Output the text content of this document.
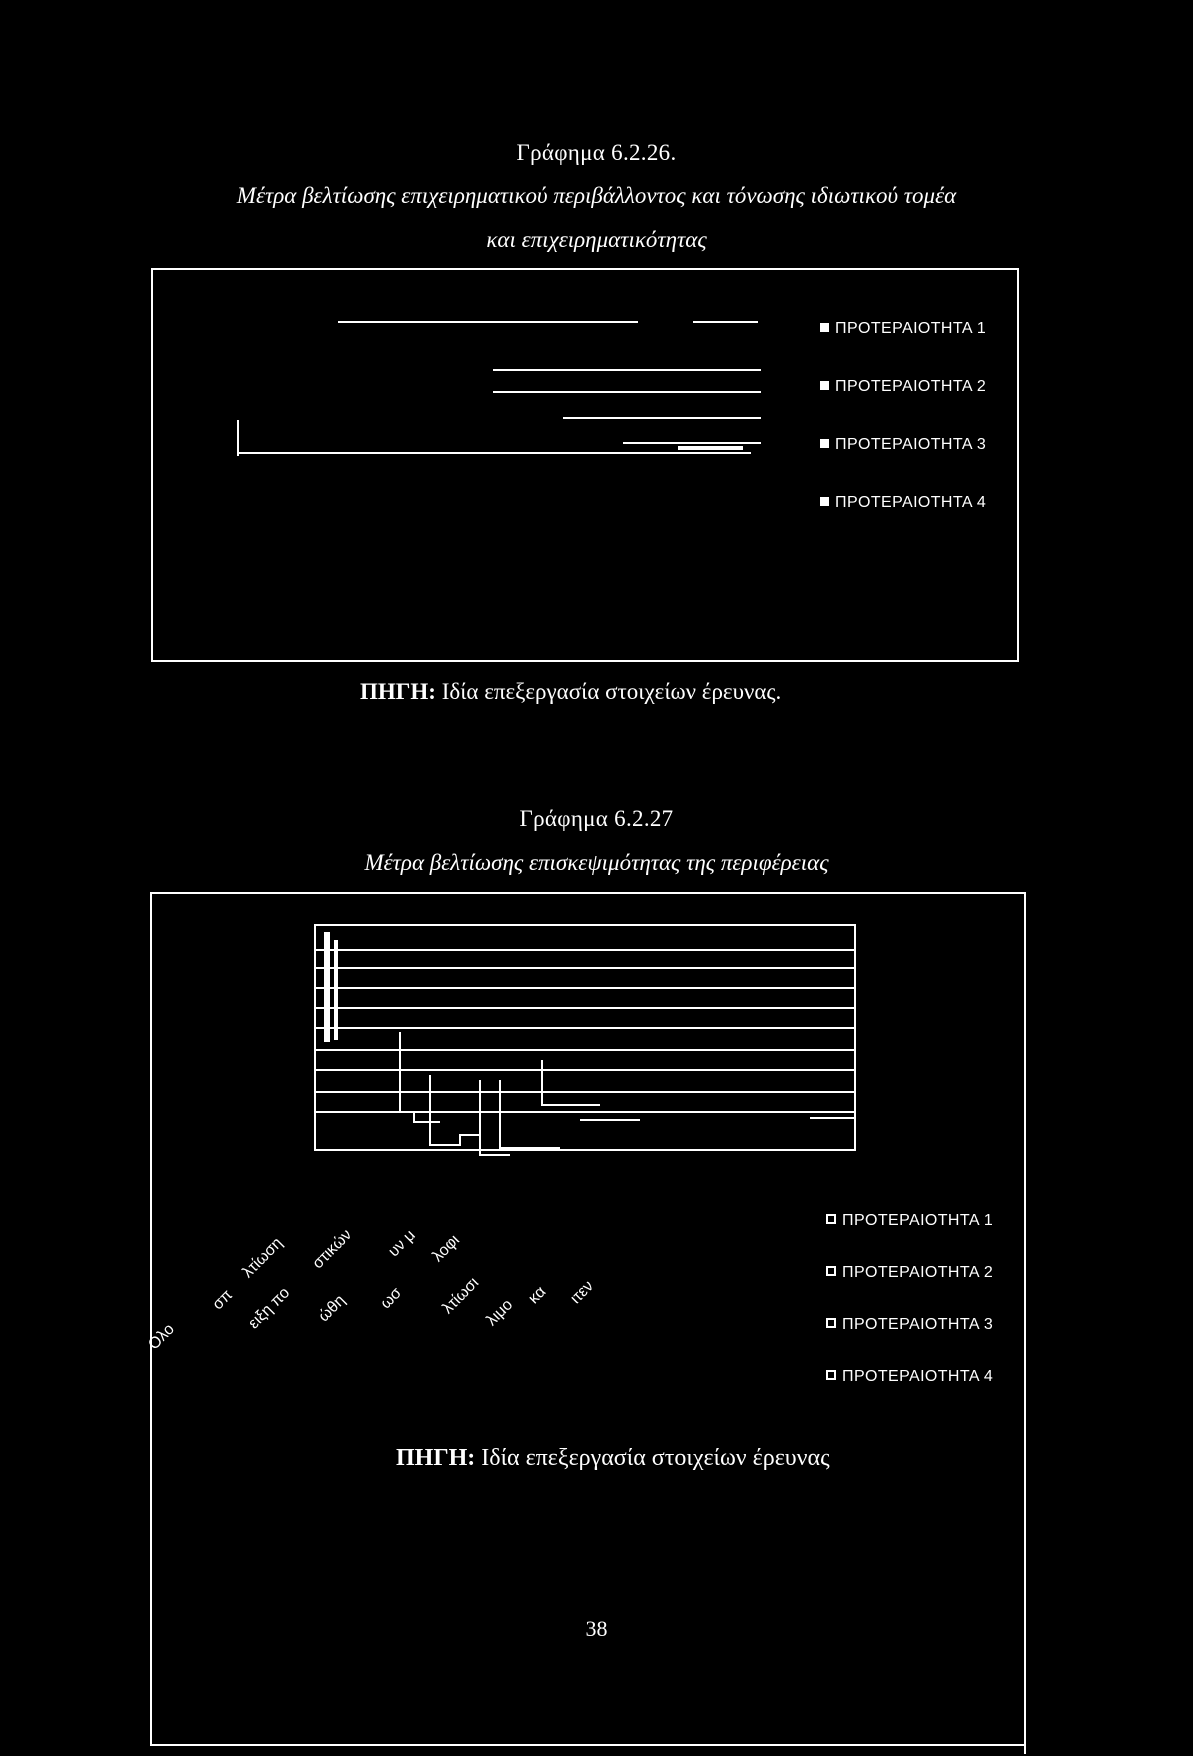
Γράφημα 6.2.26.
Μέτρα βελτίωσης επιχειρηματικού περιβάλλοντος και τόνωσης ιδιωτικού τομέα
και επιχειρηματικότητας
ΠΡΟΤΕΡΑΙΟΤΗΤΑ 1
ΠΡΟΤΕΡΑΙΟΤΗΤΑ 2
ΠΡΟΤΕΡΑΙΟΤΗΤΑ 3
ΠΡΟΤΕΡΑΙΟΤΗΤΑ 4
ΠΗΓΗ: Ιδία επεξεργασία στοιχείων έρευνας.
Γράφημα 6.2.27
Μέτρα βελτίωσης επισκεψιμότητας της περιφέρειας
Ολο
σπ
λτίωση
ειξη πο
στικών
ώθη
υν μ
ωσ
λοφι
λτίωσι λιμο
κα ιτεν
ΠΡΟΤΕΡΑΙΟΤΗΤΑ 1
ΠΡΟΤΕΡΑΙΟΤΗΤΑ 2
ΠΡΟΤΕΡΑΙΟΤΗΤΑ 3
ΠΡΟΤΕΡΑΙΟΤΗΤΑ 4
ΠΗΓΗ: Ιδία επεξεργασία στοιχείων έρευνας
38
